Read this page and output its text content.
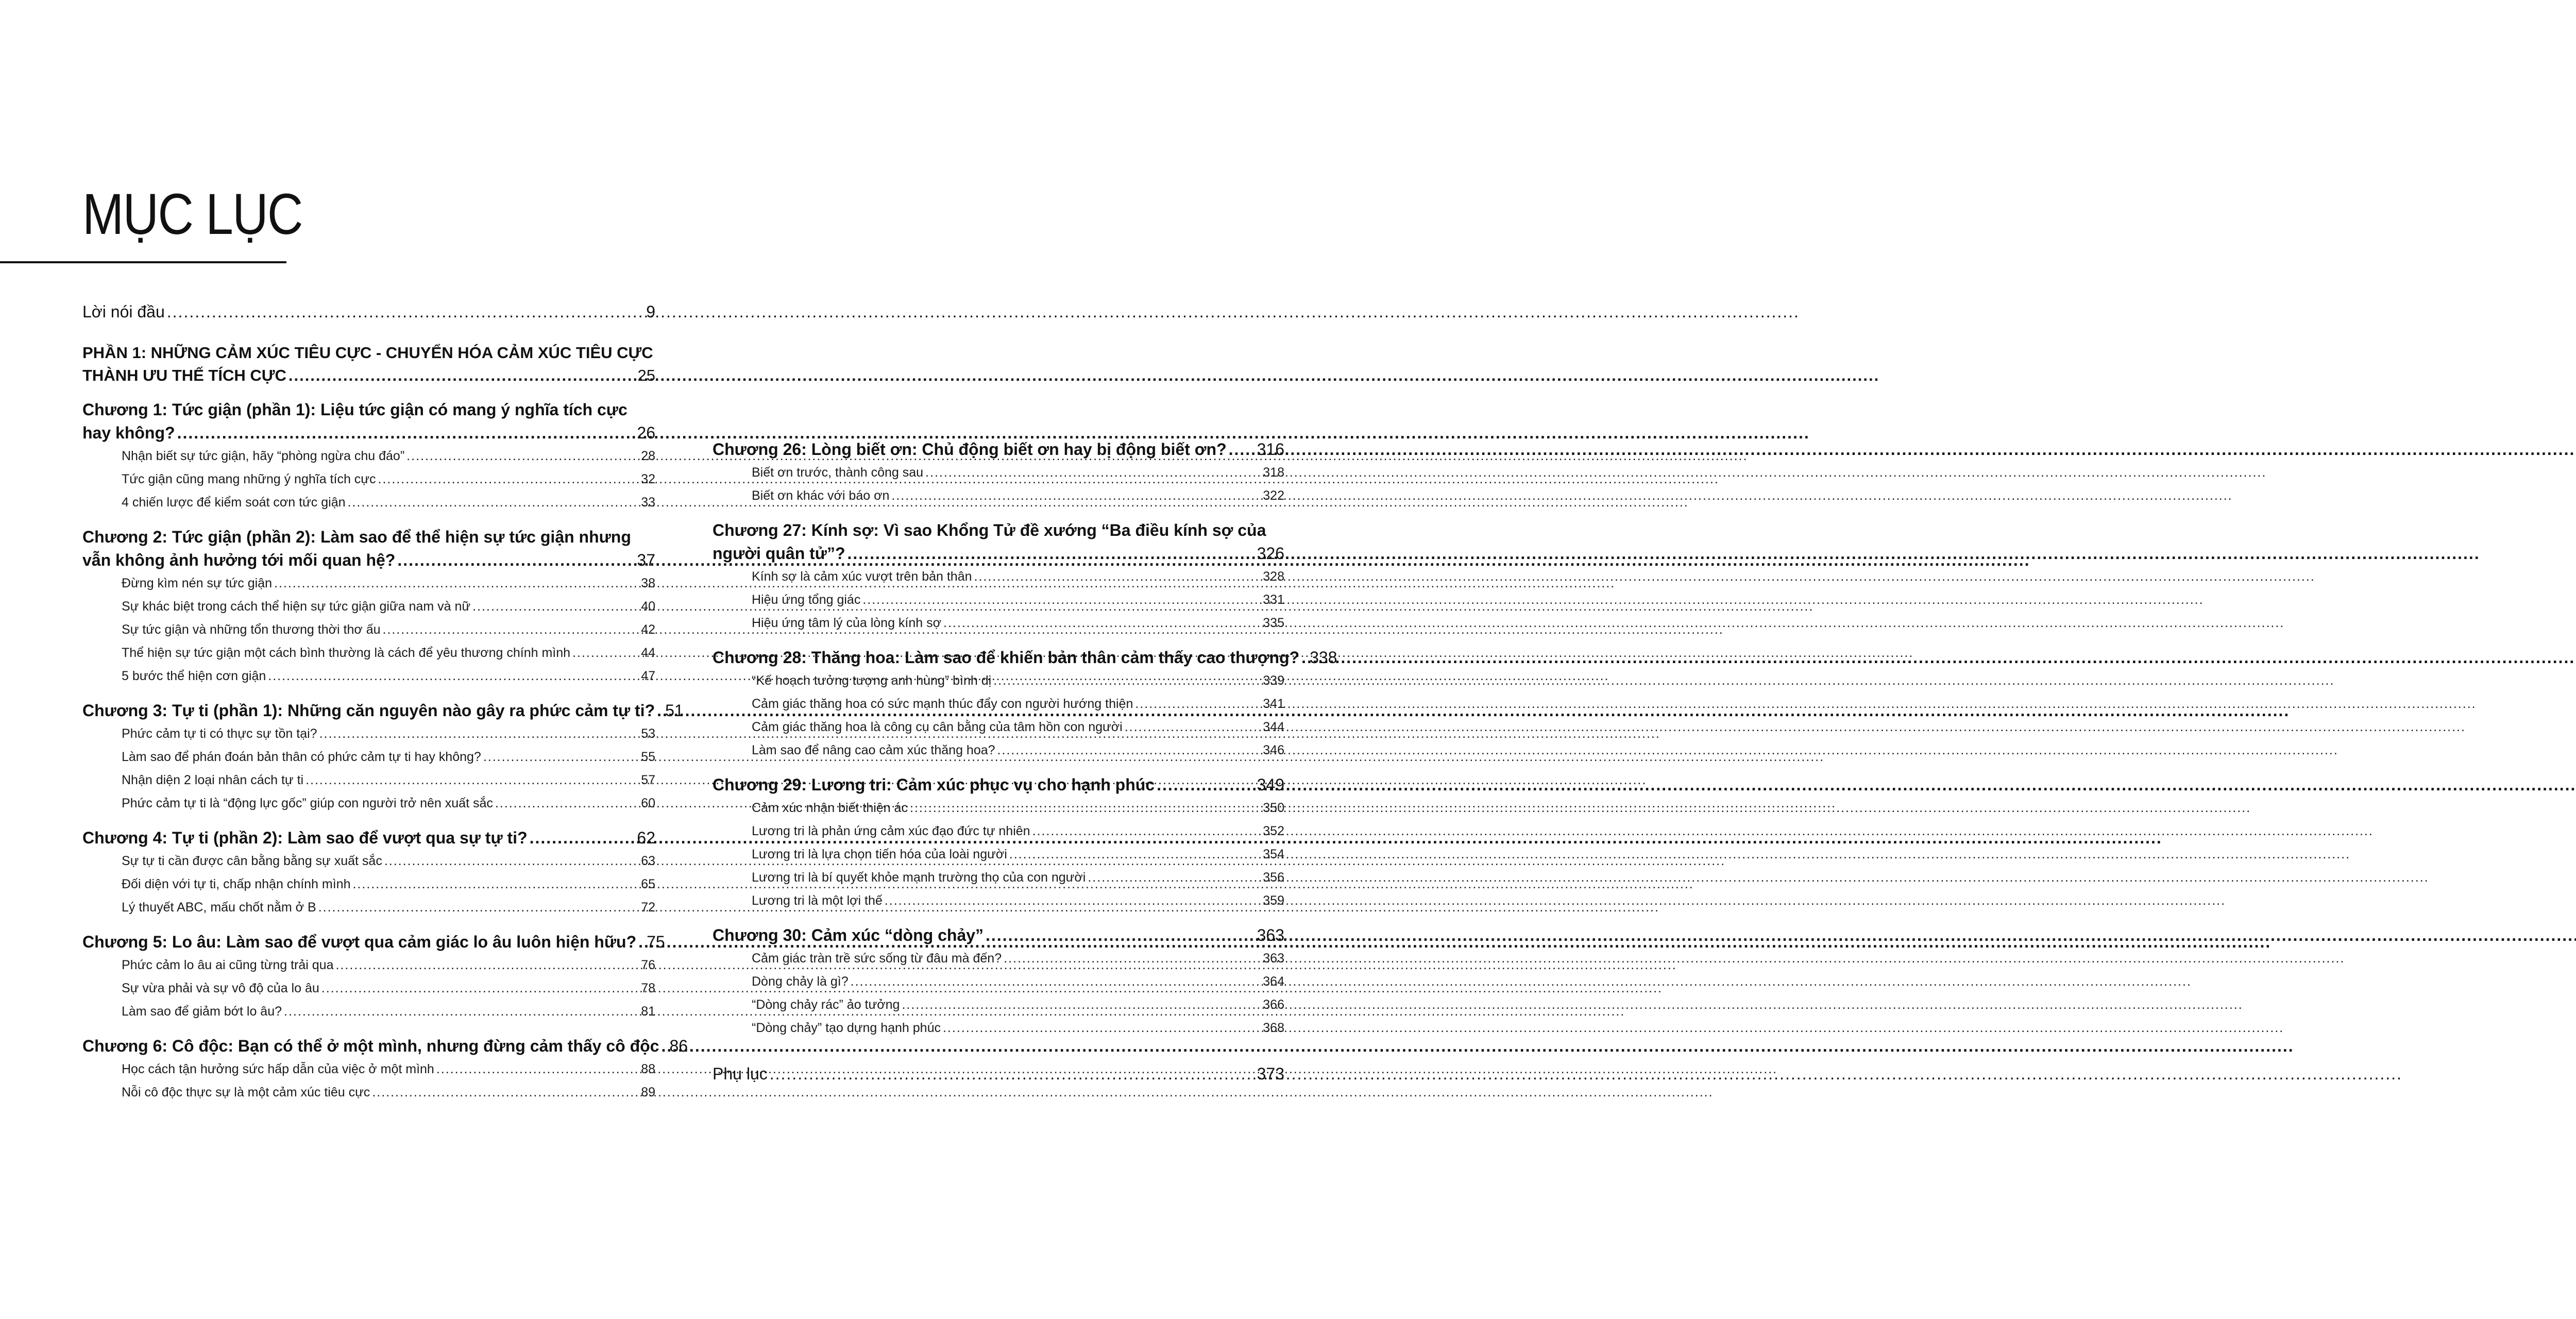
MỤC LỤC
Lời nói đầu .....	9
PHẦN 1: NHỮNG CẢM XÚC TIÊU CỰC - CHUYỂN HÓA CẢM XÚC TIÊU CỰC
THÀNH ƯU THẾ TÍCH CỰC .....	25
Chương 1: Tức giận (phần 1): Liệu tức giận có mang ý nghĩa tích cực
hay không? .....	26
Nhận biết sự tức giận, hãy “phòng ngừa chu đáo” .....	28
Tức giận cũng mang những ý nghĩa tích cực .....	32
4 chiến lược để kiểm soát cơn tức giận .....	33
Chương 2: Tức giận (phần 2): Làm sao để thể hiện sự tức giận nhưng
vẫn không ảnh hưởng tới mối quan hệ? .....	37
Đừng kìm nén sự tức giận .....	38
Sự khác biệt trong cách thể hiện sự tức giận giữa nam và nữ .....	40
Sự tức giận và những tổn thương thời thơ ấu .....	42
Thể hiện sự tức giận một cách bình thường là cách để yêu thương chính mình .....	44
5 bước thể hiện cơn giận .....	47
Chương 3: Tự ti (phần 1): Những căn nguyên nào gây ra phức cảm tự ti? ..... 51
Phức cảm tự ti có thực sự tồn tại? .....	53
Làm sao để phán đoán bản thân có phức cảm tự ti hay không? .....	55
Nhận diện 2 loại nhân cách tự ti .....	57
Phức cảm tự ti là “động lực gốc” giúp con người trở nên xuất sắc .....	60
Chương 4: Tự ti (phần 2): Làm sao để vượt qua sự tự ti? .....	62
Sự tự ti cần được cân bằng bằng sự xuất sắc .....	63
Đối diện với tự ti, chấp nhận chính mình .....	65
Lý thuyết ABC, mấu chốt nằm ở B .....	72
Chương 5: Lo âu: Làm sao để vượt qua cảm giác lo âu luôn hiện hữu? ..... 75
Phức cảm lo âu ai cũng từng trải qua .....	76
Sự vừa phải và sự vô độ của lo âu .....	78
Làm sao để giảm bớt lo âu? .....	81
Chương 6: Cô độc: Bạn có thể ở một mình, nhưng đừng cảm thấy cô độc ..... 86
Học cách tận hưởng sức hấp dẫn của việc ở một mình .....	88
Nỗi cô độc thực sự là một cảm xúc tiêu cực .....	89
Chương 26: Lòng biết ơn: Chủ động biết ơn hay bị động biết ơn? ..... 316
Biết ơn trước, thành công sau .....	318
Biết ơn khác với báo ơn .....	322
Chương 27: Kính sợ: Vì sao Khổng Tử đề xướng “Ba điều kính sợ của
người quân tử”? .....	326
Kính sợ là cảm xúc vượt trên bản thân .....	328
Hiệu ứng tổng giác .....	331
Hiệu ứng tâm lý của lòng kính sợ .....	335
Chương 28: Thăng hoa: Làm sao để khiến bản thân cảm thấy cao thượng? ..... 338
“Kế hoạch tưởng tượng anh hùng” bình dị .....	339
Cảm giác thăng hoa có sức mạnh thúc đẩy con người hướng thiện .....	341
Cảm giác thăng hoa là công cụ cân bằng của tâm hồn con người .....	344
Làm sao để nâng cao cảm xúc thăng hoa? .....	346
Chương 29: Lương tri: Cảm xúc phục vụ cho hạnh phúc .....	349
Cảm xúc nhận biết thiện ác .....	350
Lương tri là phản ứng cảm xúc đạo đức tự nhiên .....	352
Lương tri là lựa chọn tiến hóa của loài người .....	354
Lương tri là bí quyết khỏe mạnh trường thọ của con người .....	356
Lương tri là một lợi thế .....	359
Chương 30: Cảm xúc “dòng chảy” .....	363
Cảm giác tràn trề sức sống từ đâu mà đến? .....	363
Dòng chảy là gì? .....	364
“Dòng chảy rác” ảo tưởng .....	366
“Dòng chảy” tạo dựng hạnh phúc .....	368
Phụ lục .....	373
